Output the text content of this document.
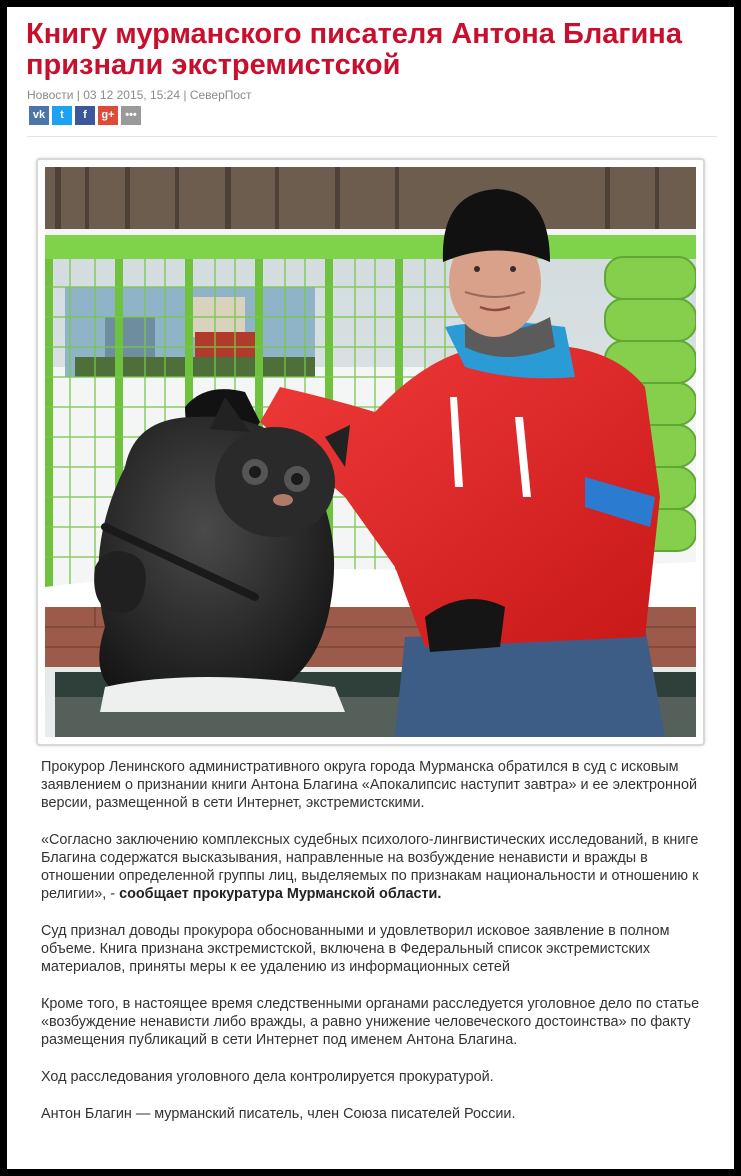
Книгу мурманского писателя Антона Благина признали экстремистской
Новости | 03 12 2015, 15:24 | СеверПост
vk t f g+ •••

Прокурор Ленинского административного округа города Мурманска обратился в суд с исковым заявлением о признании книги Антона Благина «Апокалипсис наступит завтра» и ее электронной версии, размещенной в сети Интернет, экстремистскими.

«Согласно заключению комплексных судебных психолого-лингвистических исследований, в книге Благина содержатся высказывания, направленные на возбуждение ненависти и вражды в отношении определенной группы лиц, выделяемых по признакам национальности и отношению к религии», - сообщает прокуратура Мурманской области.

Суд признал доводы прокурора обоснованными и удовлетворил исковое заявление в полном объеме. Книга признана экстремистской, включена в Федеральный список экстремистских материалов, приняты меры к ее удалению из информационных сетей

Кроме того, в настоящее время следственными органами расследуется уголовное дело по статье «возбуждение ненависти либо вражды, а равно унижение человеческого достоинства» по факту размещения публикаций в сети Интернет под именем Антона Благина.

Ход расследования уголовного дела контролируется прокуратурой.

Антон Благин — мурманский писатель, член Союза писателей России.
